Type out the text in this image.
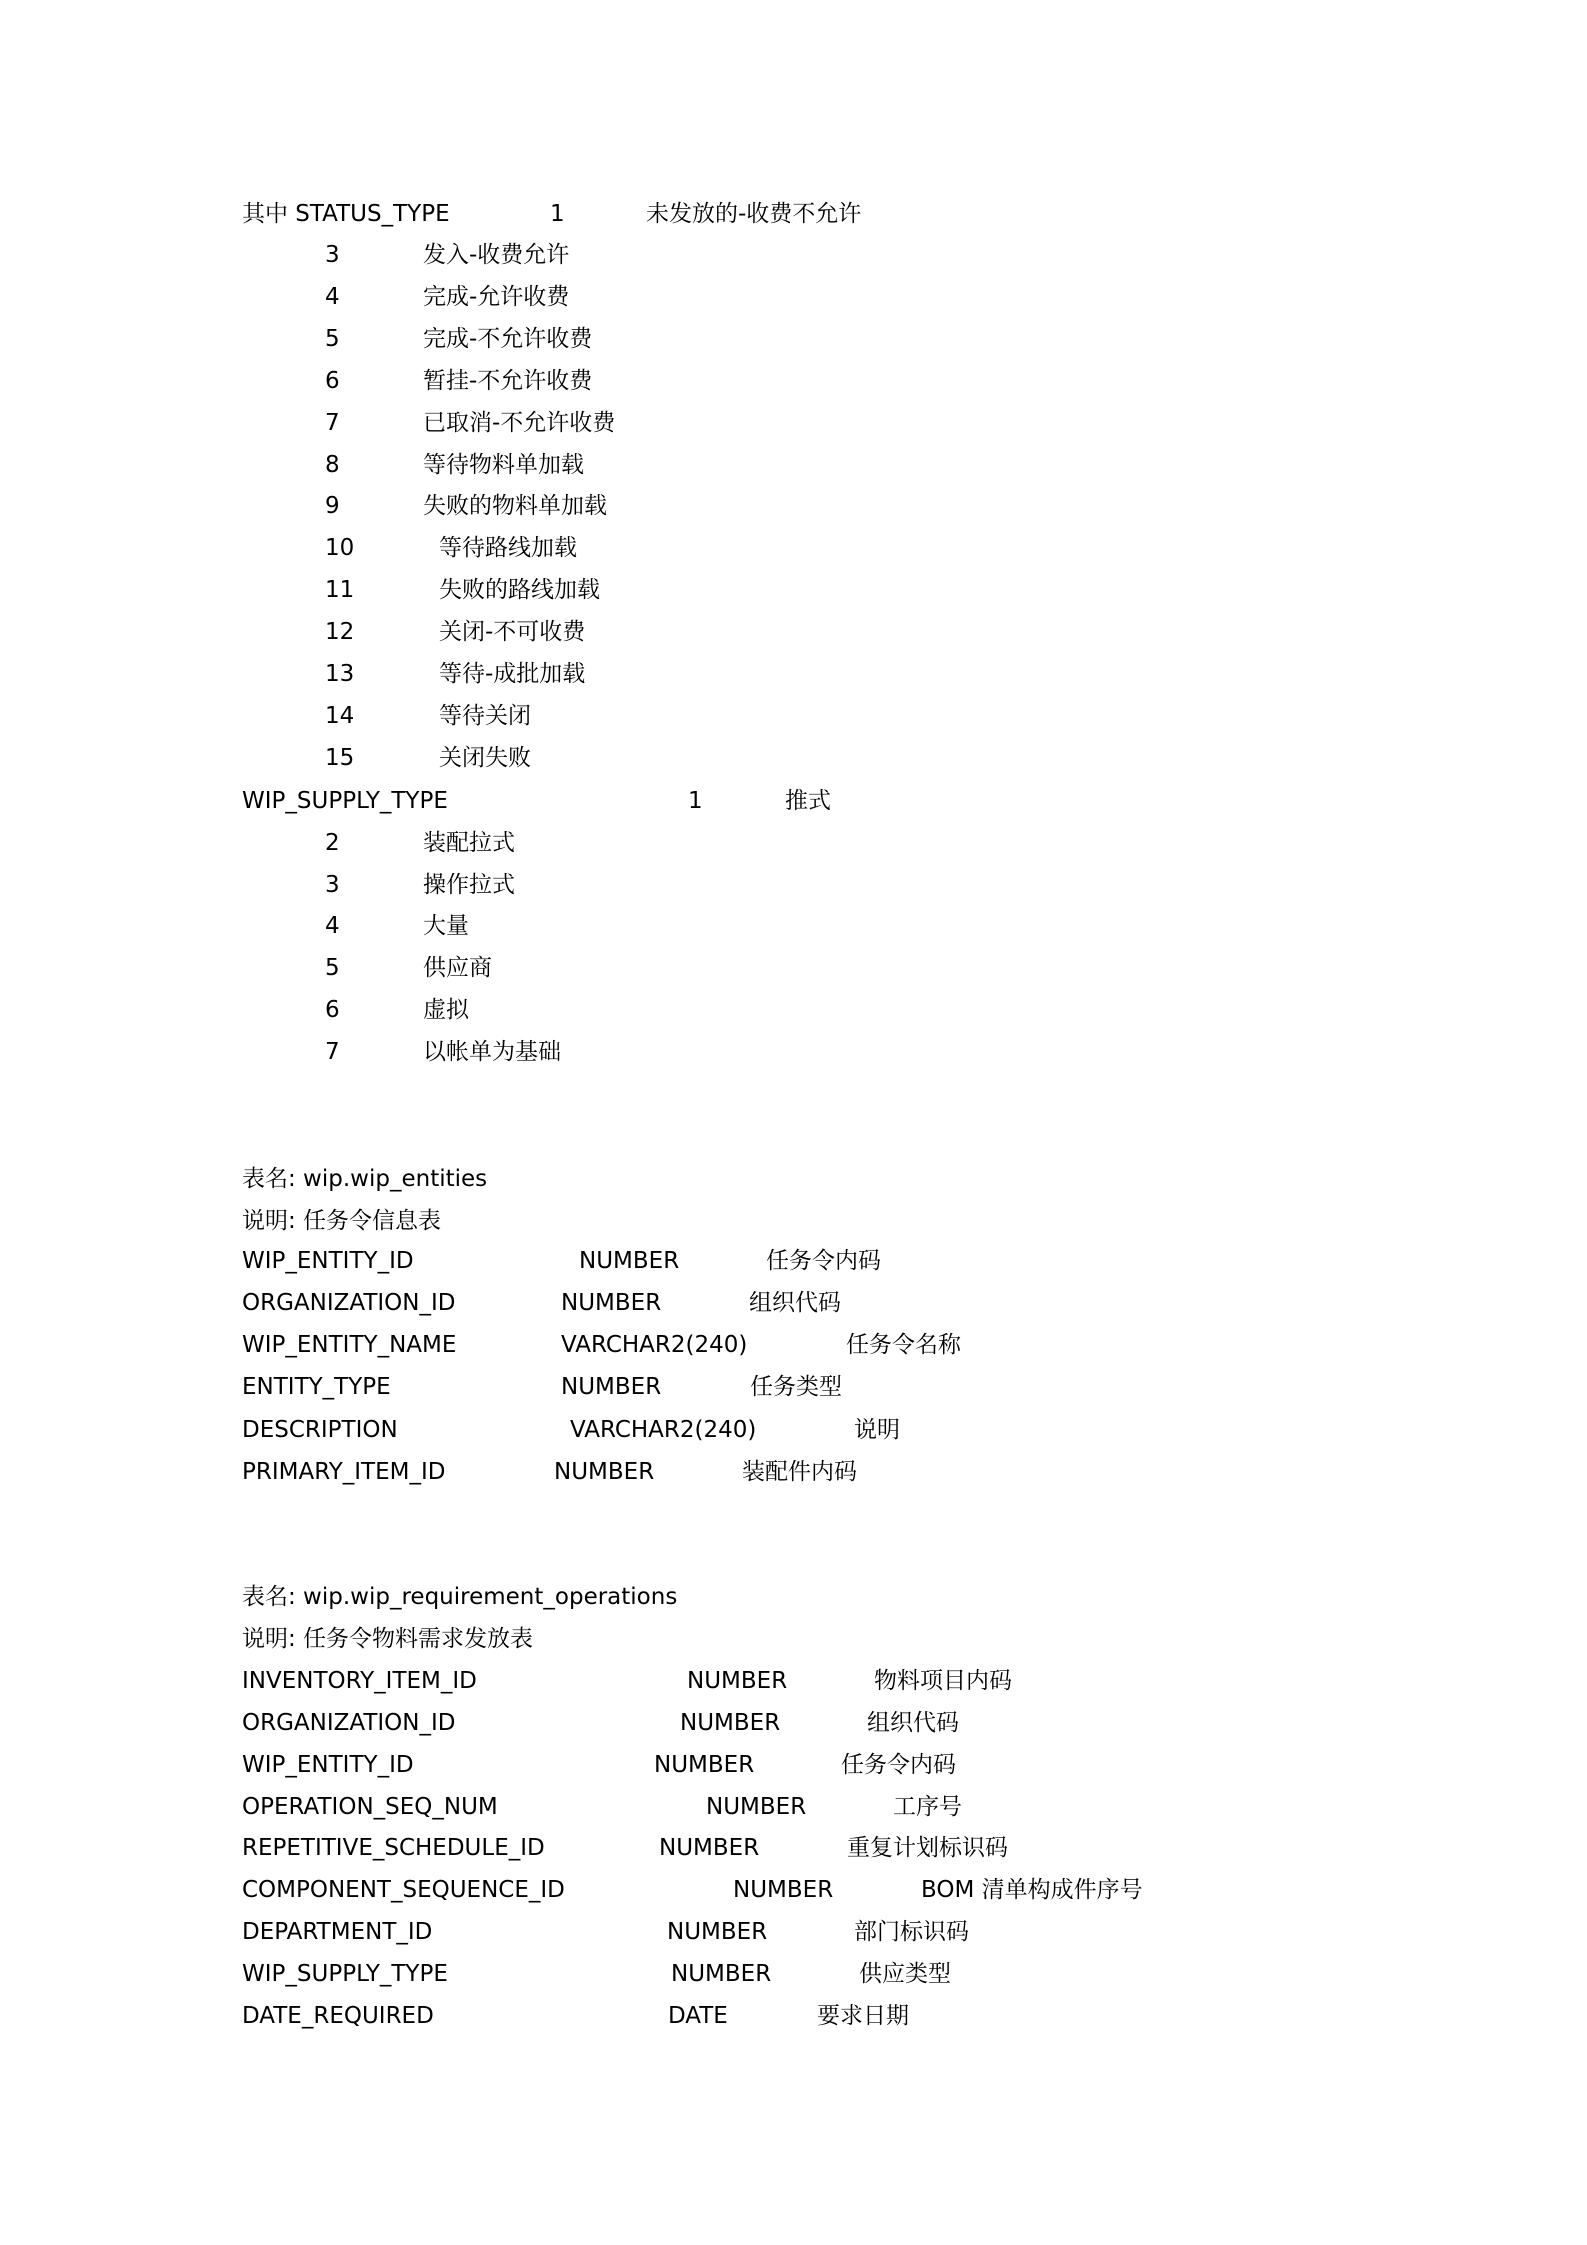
其中 STATUS_TYPE	1	未发放的-收费不允许
3	发入-收费允许
4	完成-允许收费
5	完成-不允许收费
6	暂挂-不允许收费
7	已取消-不允许收费
8	等待物料单加载
9	失败的物料单加载
10	等待路线加载
11	失败的路线加载
12	关闭-不可收费
13	等待-成批加载
14	等待关闭
15	关闭失败
WIP_SUPPLY_TYPE	1	推式
2	装配拉式
3	操作拉式
4	大量
5	供应商
6	虚拟
7	以帐单为基础
表名: wip.wip_entities
说明: 任务令信息表
WIP_ENTITY_ID	NUMBER	任务令内码
ORGANIZATION_ID	NUMBER	组织代码
WIP_ENTITY_NAME	VARCHAR2(240)	任务令名称
ENTITY_TYPE	NUMBER	任务类型
DESCRIPTION	VARCHAR2(240)	说明
PRIMARY_ITEM_ID	NUMBER	装配件内码
表名: wip.wip_requirement_operations
说明: 任务令物料需求发放表
INVENTORY_ITEM_ID	NUMBER	物料项目内码
ORGANIZATION_ID	NUMBER	组织代码
WIP_ENTITY_ID	NUMBER	任务令内码
OPERATION_SEQ_NUM	NUMBER	工序号
REPETITIVE_SCHEDULE_ID	NUMBER	重复计划标识码
COMPONENT_SEQUENCE_ID	NUMBER	BOM 清单构成件序号
DEPARTMENT_ID	NUMBER	部门标识码
WIP_SUPPLY_TYPE	NUMBER	供应类型
DATE_REQUIRED	DATE	要求日期
